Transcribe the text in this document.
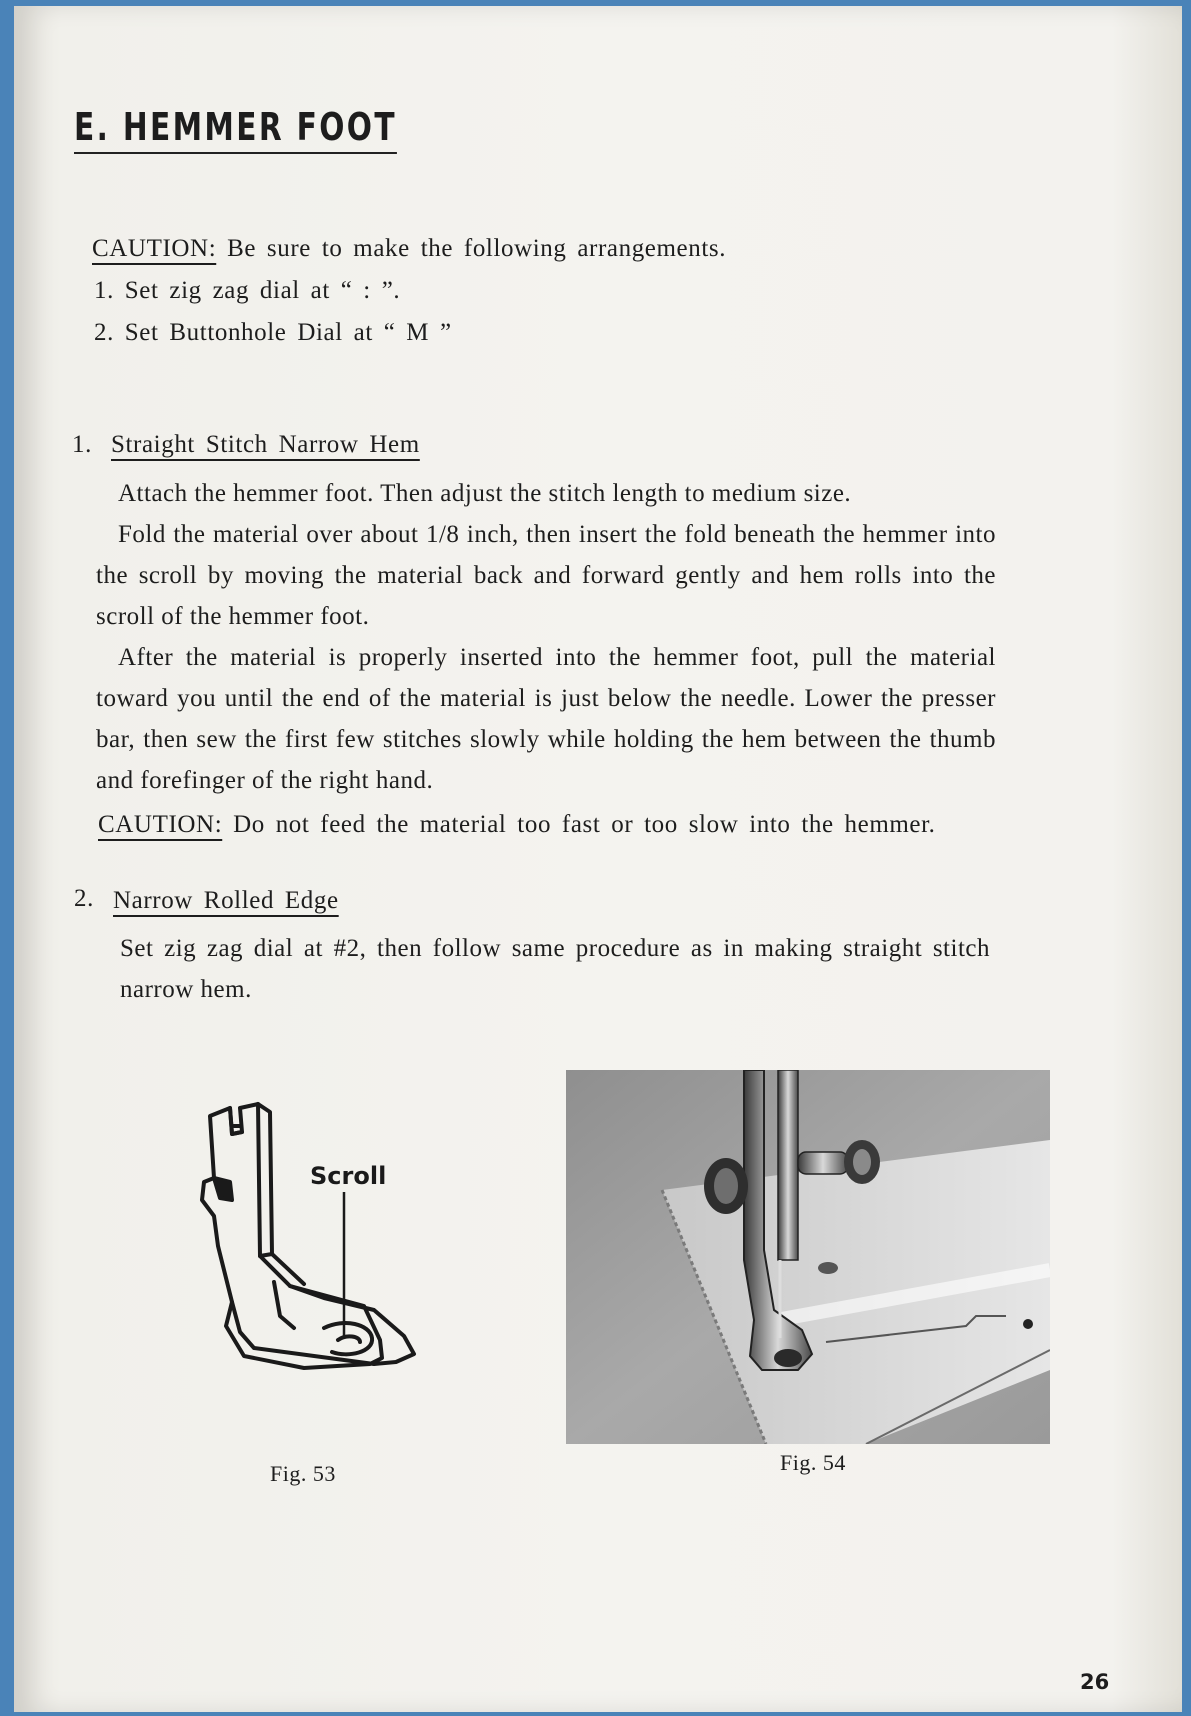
E. HEMMER FOOT
CAUTION: Be sure to make the following arrangements.
1. Set zig zag dial at “ : ”.
2. Set Buttonhole Dial at “ M ”
1. Straight Stitch Narrow Hem
Attach the hemmer foot. Then adjust the stitch length to medium size.
Fold the material over about 1/8 inch, then insert the fold beneath the hemmer into the scroll by moving the material back and forward gently and hem rolls into the scroll of the hemmer foot.
After the material is properly inserted into the hemmer foot, pull the material toward you until the end of the material is just below the needle. Lower the presser bar, then sew the first few stitches slowly while holding the hem between the thumb and forefinger of the right hand.
CAUTION: Do not feed the material too fast or too slow into the hemmer.
2. Narrow Rolled Edge
Set zig zag dial at #2, then follow same procedure as in making straight stitch narrow hem.
Scroll
Fig. 53	Fig. 54
26
